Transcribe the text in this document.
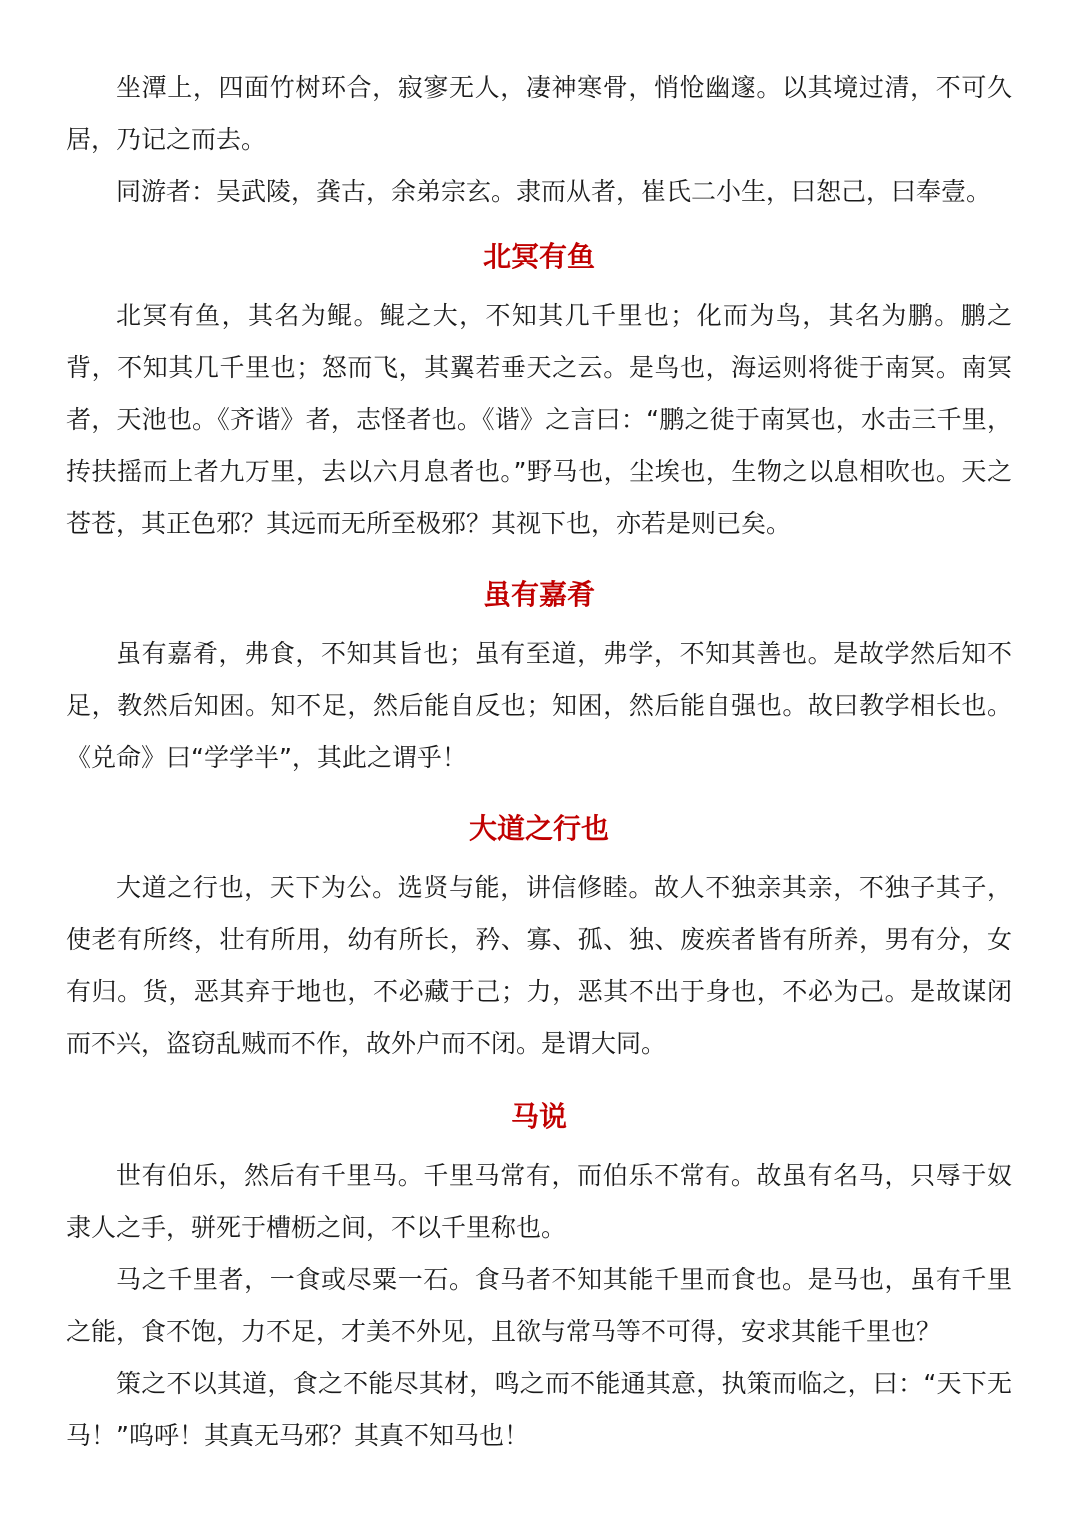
坐潭上，四面竹树环合，寂寥无人，凄神寒骨，悄怆幽邃。以其境过清，不可久居，乃记之而去。

同游者：吴武陵，龚古，余弟宗玄。隶而从者，崔氏二小生，曰恕己，曰奉壹。

北冥有鱼

北冥有鱼，其名为鲲。鲲之大，不知其几千里也；化而为鸟，其名为鹏。鹏之背，不知其几千里也；怒而飞，其翼若垂天之云。是鸟也，海运则将徙于南冥。南冥者，天池也。《齐谐》者，志怪者也。《谐》之言曰：“鹏之徙于南冥也，水击三千里，抟扶摇而上者九万里，去以六月息者也。”野马也，尘埃也，生物之以息相吹也。天之苍苍，其正色邪？其远而无所至极邪？其视下也，亦若是则已矣。

虽有嘉肴

虽有嘉肴，弗食，不知其旨也；虽有至道，弗学，不知其善也。是故学然后知不足，教然后知困。知不足，然后能自反也；知困，然后能自强也。故曰教学相长也。《兑命》曰“学学半”，其此之谓乎！

大道之行也

大道之行也，天下为公。选贤与能，讲信修睦。故人不独亲其亲，不独子其子，使老有所终，壮有所用，幼有所长，矜、寡、孤、独、废疾者皆有所养，男有分，女有归。货，恶其弃于地也，不必藏于己；力，恶其不出于身也，不必为己。是故谋闭而不兴，盗窃乱贼而不作，故外户而不闭。是谓大同。

马说

世有伯乐，然后有千里马。千里马常有，而伯乐不常有。故虽有名马，只辱于奴隶人之手，骈死于槽枥之间，不以千里称也。

马之千里者，一食或尽粟一石。食马者不知其能千里而食也。是马也，虽有千里之能，食不饱，力不足，才美不外见，且欲与常马等不可得，安求其能千里也？

策之不以其道，食之不能尽其材，鸣之而不能通其意，执策而临之，曰：“天下无马！”呜呼！其真无马邪？其真不知马也！
